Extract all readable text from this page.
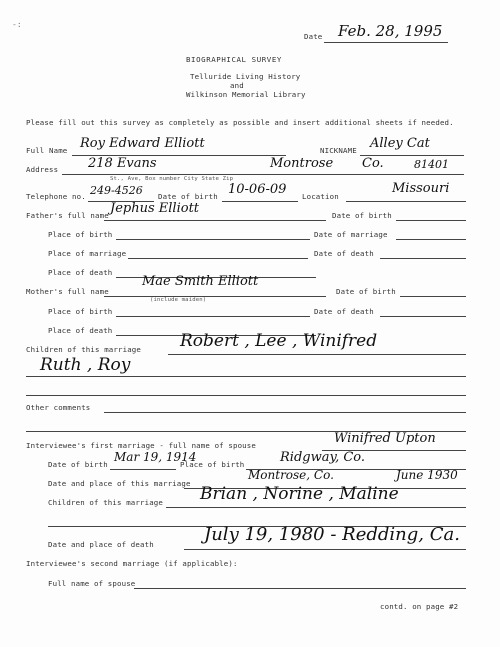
-:
Date Feb. 28, 1995
BIOGRAPHICAL SURVEY
Telluride Living History
and
Wilkinson Memorial Library
Please fill out this survey as completely as possible and insert additional sheets if needed.
Full Name Roy Edward Elliott	NICKNAME Alley Cat
Address 218 Evans	Montrose Co.	81401
St., Ave, Box number City State Zip
Telephone no. 249-4526 Date of birth 10-06-09 Location
Missouri
Father's full name Jephus Elliott	Date of birth
Place of birth	Date of marriage
Place of marriage	Date of death
Place of death
Mother's full name
Mae Smith Elliott
(include maiden)
Date of birth
Place of birth	Date of death
Place of death
Children of this marriage Robert , Lee , Winifred
Ruth , Roy
Other comments
Interviewee's first marriage - full name of spouse	Winifred Upton
Date of birth
Mar 19, 1914
Place of birth	Ridgway, Co.
Date and place of this marriage
Montrose, Co.	June 1930
Children of this marriage Brian , Norine , Maline
Date and place of death	July 19, 1980 - Redding, Ca.
Interviewee's second marriage (if applicable):
Full name of spouse
contd. on page #2
